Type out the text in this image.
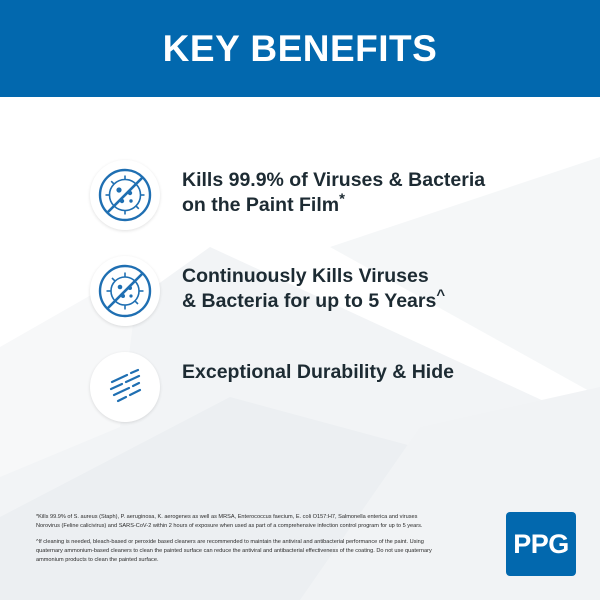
KEY BENEFITS
Kills 99.9% of Viruses & Bacteria
on the Paint Film*
Continuously Kills Viruses
& Bacteria for up to 5 Years^
Exceptional Durability & Hide
*Kills 99.9% of S. aureus (Staph), P. aeruginosa, K. aerogenes as well as MRSA, Enterococcus faecium, E. coli O157:H7, Salmonella enterica and viruses Norovirus (Feline calicivirus) and SARS-CoV-2 within 2 hours of exposure when used as part of a comprehensive infection control program for up to 5 years.
^If cleaning is needed, bleach-based or peroxide based cleaners are recommended to maintain the antiviral and antibacterial performance of the paint. Using quaternary ammonium-based cleaners to clean the painted surface can reduce the antiviral and antibacterial effectiveness of the coating. Do not use quaternary ammonium products to clean the painted surface.
PPG
